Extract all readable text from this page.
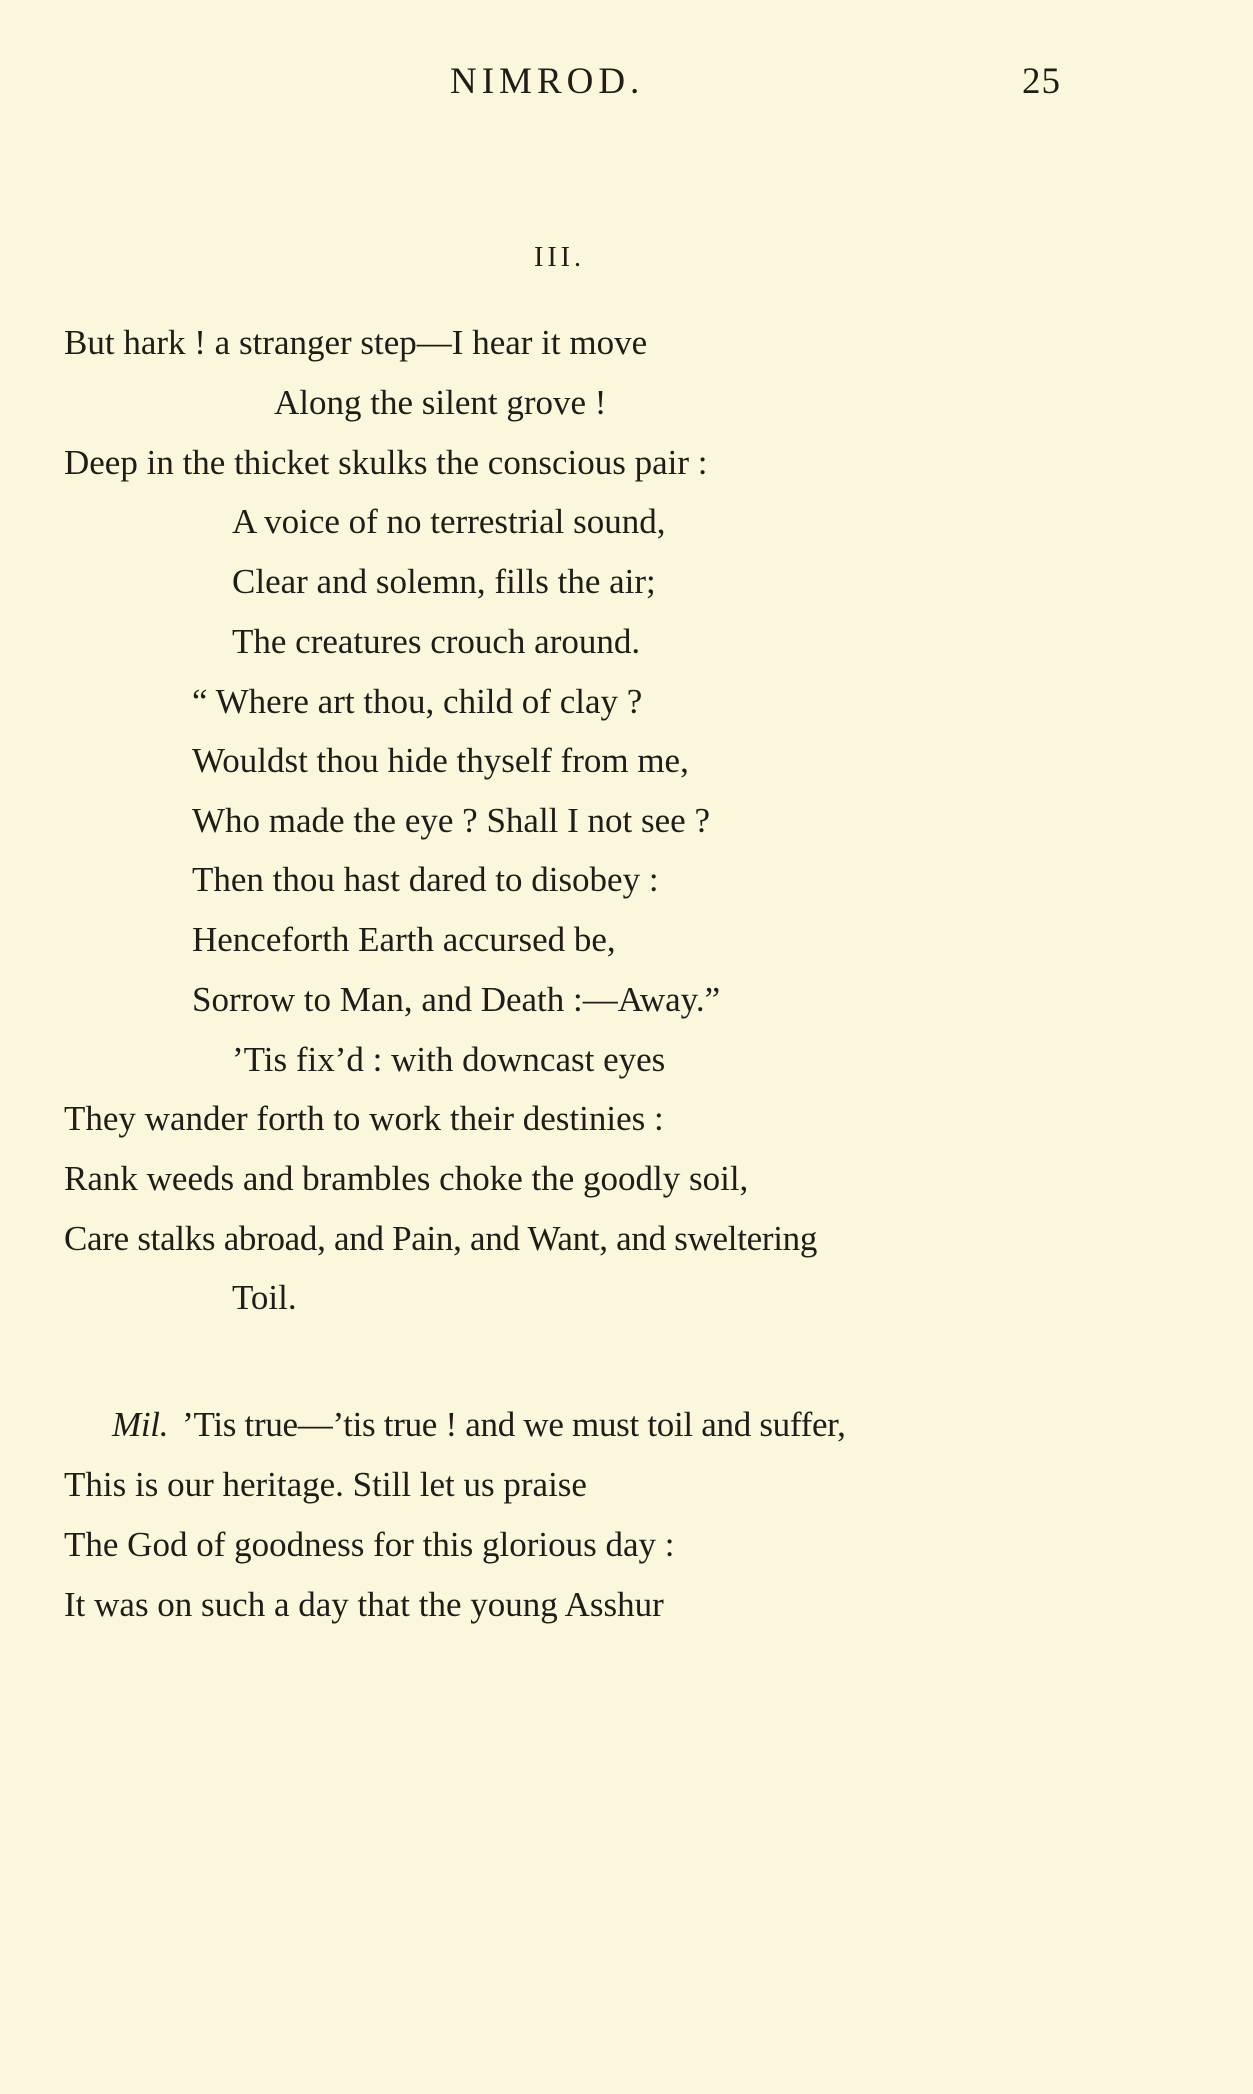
NIMROD.	25
III.
But hark ! a stranger step—I hear it move
Along the silent grove !
Deep in the thicket skulks the conscious pair :
A voice of no terrestrial sound,
Clear and solemn, fills the air;
The creatures crouch around.
“ Where art thou, child of clay ?
Wouldst thou hide thyself from me,
Who made the eye ? Shall I not see ?
Then thou hast dared to disobey :
Henceforth Earth accursed be,
Sorrow to Man, and Death :—Away.”
’Tis fix’d : with downcast eyes
They wander forth to work their destinies :
Rank weeds and brambles choke the goodly soil,
Care stalks abroad, and Pain, and Want, and sweltering
Toil.
Mil. ’Tis true—’tis true ! and we must toil and suffer,
This is our heritage. Still let us praise
The God of goodness for this glorious day :
It was on such a day that the young Asshur
